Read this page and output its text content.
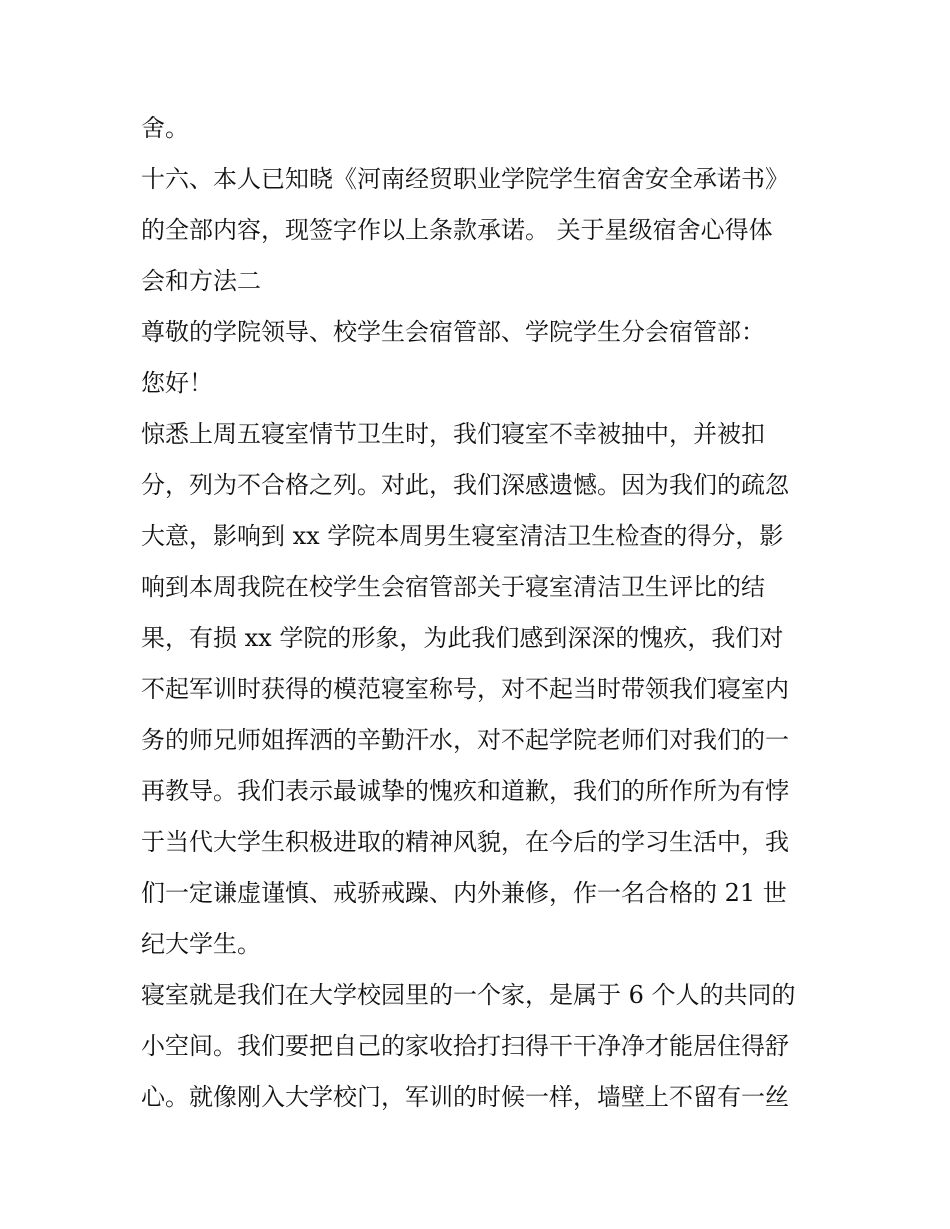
舍。
十六、本人已知晓《河南经贸职业学院学生宿舍安全承诺书》
的全部内容，现签字作以上条款承诺。 关于星级宿舍心得体
会和方法二
尊敬的学院领导、校学生会宿管部、学院学生分会宿管部：
您好！
惊悉上周五寝室情节卫生时，我们寝室不幸被抽中，并被扣
分，列为不合格之列。对此，我们深感遗憾。因为我们的疏忽
大意，影响到 xx 学院本周男生寝室清洁卫生检查的得分，影
响到本周我院在校学生会宿管部关于寝室清洁卫生评比的结
果，有损 xx 学院的形象，为此我们感到深深的愧疚，我们对
不起军训时获得的模范寝室称号，对不起当时带领我们寝室内
务的师兄师姐挥洒的辛勤汗水，对不起学院老师们对我们的一
再教导。我们表示最诚挚的愧疚和道歉，我们的所作所为有悖
于当代大学生积极进取的精神风貌，在今后的学习生活中，我
们一定谦虚谨慎、戒骄戒躁、内外兼修，作一名合格的 21 世
纪大学生。
寝室就是我们在大学校园里的一个家，是属于 6 个人的共同的
小空间。我们要把自己的家收拾打扫得干干净净才能居住得舒
心。就像刚入大学校门，军训的时候一样，墙壁上不留有一丝
